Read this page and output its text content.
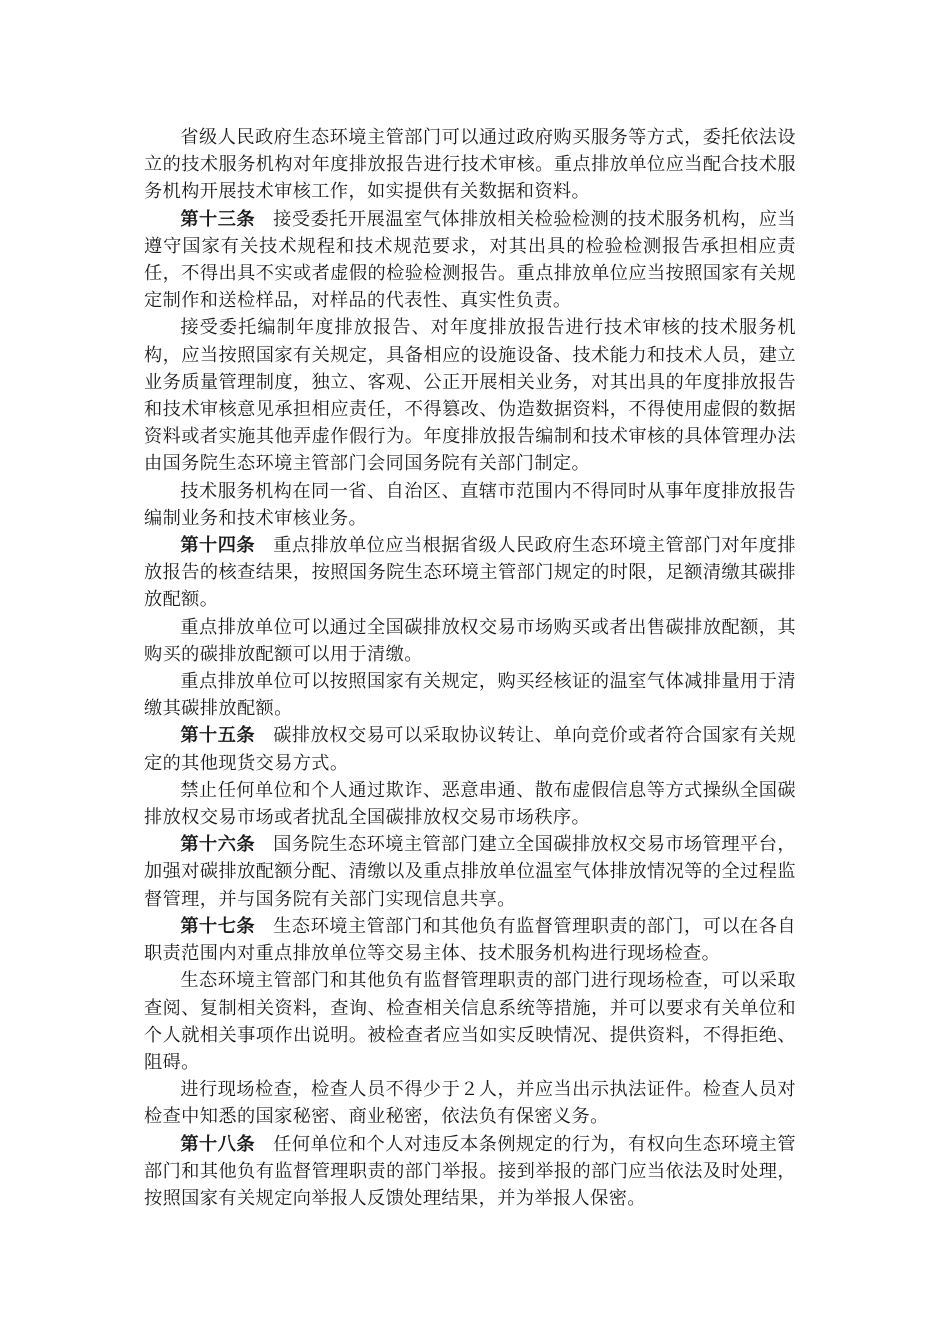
省级人民政府生态环境主管部门可以通过政府购买服务等方式，委托依法设立的技术服务机构对年度排放报告进行技术审核。重点排放单位应当配合技术服务机构开展技术审核工作，如实提供有关数据和资料。

第十三条 接受委托开展温室气体排放相关检验检测的技术服务机构，应当遵守国家有关技术规程和技术规范要求，对其出具的检验检测报告承担相应责任，不得出具不实或者虚假的检验检测报告。重点排放单位应当按照国家有关规定制作和送检样品，对样品的代表性、真实性负责。

接受委托编制年度排放报告、对年度排放报告进行技术审核的技术服务机构，应当按照国家有关规定，具备相应的设施设备、技术能力和技术人员，建立业务质量管理制度，独立、客观、公正开展相关业务，对其出具的年度排放报告和技术审核意见承担相应责任，不得篡改、伪造数据资料，不得使用虚假的数据资料或者实施其他弄虚作假行为。年度排放报告编制和技术审核的具体管理办法由国务院生态环境主管部门会同国务院有关部门制定。

技术服务机构在同一省、自治区、直辖市范围内不得同时从事年度排放报告编制业务和技术审核业务。

第十四条 重点排放单位应当根据省级人民政府生态环境主管部门对年度排放报告的核查结果，按照国务院生态环境主管部门规定的时限，足额清缴其碳排放配额。

重点排放单位可以通过全国碳排放权交易市场购买或者出售碳排放配额，其购买的碳排放配额可以用于清缴。

重点排放单位可以按照国家有关规定，购买经核证的温室气体减排量用于清缴其碳排放配额。

第十五条 碳排放权交易可以采取协议转让、单向竞价或者符合国家有关规定的其他现货交易方式。

禁止任何单位和个人通过欺诈、恶意串通、散布虚假信息等方式操纵全国碳排放权交易市场或者扰乱全国碳排放权交易市场秩序。

第十六条 国务院生态环境主管部门建立全国碳排放权交易市场管理平台，加强对碳排放配额分配、清缴以及重点排放单位温室气体排放情况等的全过程监督管理，并与国务院有关部门实现信息共享。

第十七条 生态环境主管部门和其他负有监督管理职责的部门，可以在各自职责范围内对重点排放单位等交易主体、技术服务机构进行现场检查。

生态环境主管部门和其他负有监督管理职责的部门进行现场检查，可以采取查阅、复制相关资料，查询、检查相关信息系统等措施，并可以要求有关单位和个人就相关事项作出说明。被检查者应当如实反映情况、提供资料，不得拒绝、阻碍。

进行现场检查，检查人员不得少于２人，并应当出示执法证件。检查人员对检查中知悉的国家秘密、商业秘密，依法负有保密义务。

第十八条 任何单位和个人对违反本条例规定的行为，有权向生态环境主管部门和其他负有监督管理职责的部门举报。接到举报的部门应当依法及时处理，按照国家有关规定向举报人反馈处理结果，并为举报人保密。
